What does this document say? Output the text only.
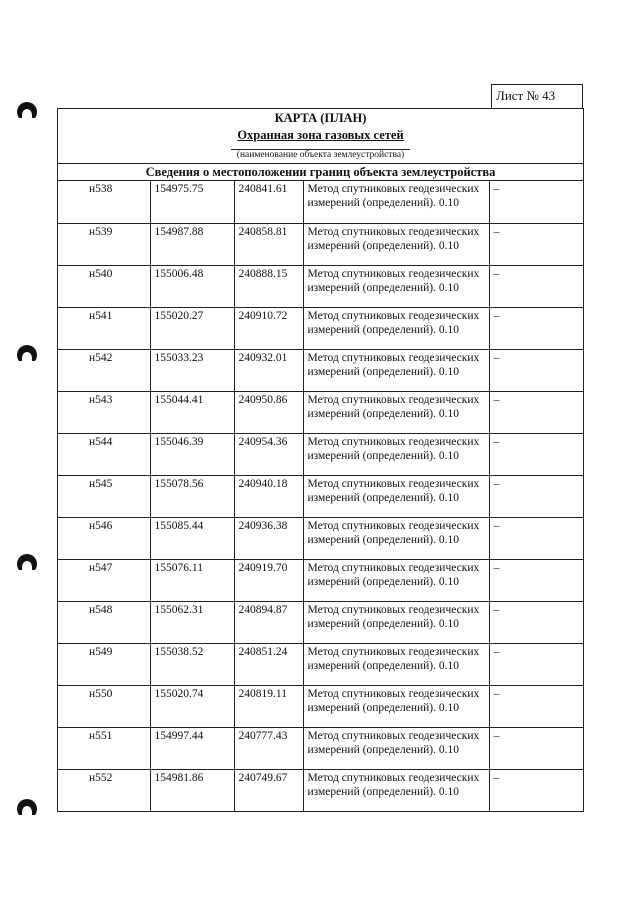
Лист № 43
КАРТА (ПЛАН)
Охранная зона газовых сетей
(наименование объекта землеустройства)
Сведения о местоположении границ объекта землеустройства
н538	154975.75	240841.61	Метод спутниковых геодезических измерений (определений). 0.10	–
н539	154987.88	240858.81	Метод спутниковых геодезических измерений (определений). 0.10	–
н540	155006.48	240888.15	Метод спутниковых геодезических измерений (определений). 0.10	–
н541	155020.27	240910.72	Метод спутниковых геодезических измерений (определений). 0.10	–
н542	155033.23	240932.01	Метод спутниковых геодезических измерений (определений). 0.10	–
н543	155044.41	240950.86	Метод спутниковых геодезических измерений (определений). 0.10	–
н544	155046.39	240954.36	Метод спутниковых геодезических измерений (определений). 0.10	–
н545	155078.56	240940.18	Метод спутниковых геодезических измерений (определений). 0.10	–
н546	155085.44	240936.38	Метод спутниковых геодезических измерений (определений). 0.10	–
н547	155076.11	240919.70	Метод спутниковых геодезических измерений (определений). 0.10	–
н548	155062.31	240894.87	Метод спутниковых геодезических измерений (определений). 0.10	–
н549	155038.52	240851.24	Метод спутниковых геодезических измерений (определений). 0.10	–
н550	155020.74	240819.11	Метод спутниковых геодезических измерений (определений). 0.10	–
н551	154997.44	240777.43	Метод спутниковых геодезических измерений (определений). 0.10	–
н552	154981.86	240749.67	Метод спутниковых геодезических измерений (определений). 0.10	–
